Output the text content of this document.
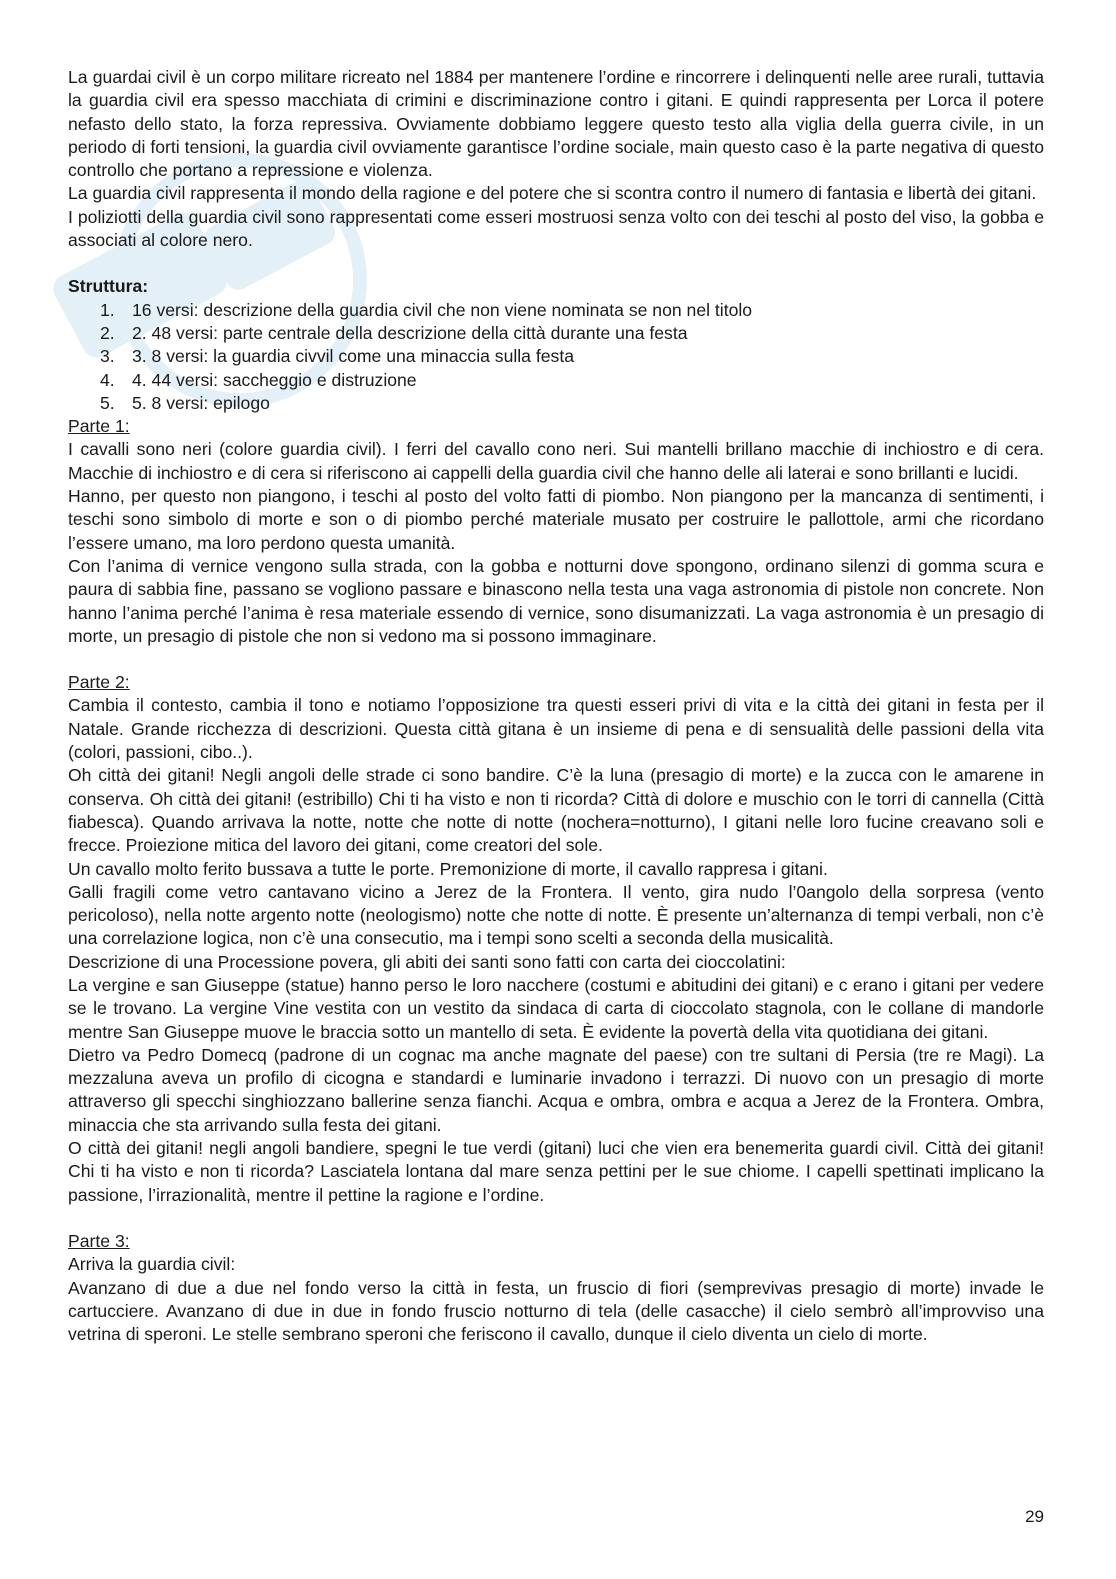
La guardai civil è un corpo militare ricreato nel 1884 per mantenere l’ordine e rincorrere i delinquenti nelle aree rurali, tuttavia la guardia civil era spesso macchiata di crimini e discriminazione contro i gitani. E quindi rappresenta per Lorca il potere nefasto dello stato, la forza repressiva. Ovviamente dobbiamo leggere questo testo alla viglia della guerra civile, in un periodo di forti tensioni, la guardia civil ovviamente garantisce l’ordine sociale, main questo caso è la parte negativa di questo controllo che portano a repressione e violenza.

La guardia civil rappresenta il mondo della ragione e del potere che si scontra contro il numero di fantasia e libertà dei gitani.

I poliziotti della guardia civil sono rappresentati come esseri mostruosi senza volto con dei teschi al posto del viso, la gobba e associati al colore nero.

Struttura:

1. 16 versi: descrizione della guardia civil che non viene nominata se non nel titolo
2. 2. 48 versi: parte centrale della descrizione della città durante una festa
3. 3. 8 versi: la guardia civvil come una minaccia sulla festa
4. 4. 44 versi: saccheggio e distruzione
5. 5. 8 versi: epilogo

Parte 1:

I cavalli sono neri (colore guardia civil). I ferri del cavallo cono neri. Sui mantelli brillano macchie di inchiostro e di cera. Macchie di inchiostro e di cera si riferiscono ai cappelli della guardia civil che hanno delle ali laterai e sono brillanti e lucidi.

Hanno, per questo non piangono, i teschi al posto del volto fatti di piombo. Non piangono per la mancanza di sentimenti, i teschi sono simbolo di morte e son o di piombo perché materiale musato per costruire le pallottole, armi che ricordano l’essere umano, ma loro perdono questa umanità.

Con l’anima di vernice vengono sulla strada, con la gobba e notturni dove spongono, ordinano silenzi di gomma scura e paura di sabbia fine, passano se vogliono passare e binascono nella testa una vaga astronomia di pistole non concrete. Non hanno l’anima perché l’anima è resa materiale essendo di vernice, sono disumanizzati. La vaga astronomia è un presagio di morte, un presagio di pistole che non si vedono ma si possono immaginare.

Parte 2:

Cambia il contesto, cambia il tono e notiamo l’opposizione tra questi esseri privi di vita e la città dei gitani in festa per il Natale. Grande ricchezza di descrizioni. Questa città gitana è un insieme di pena e di sensualità delle passioni della vita (colori, passioni, cibo..).

Oh città dei gitani! Negli angoli delle strade ci sono bandire. C’è la luna (presagio di morte) e la zucca con le amarene in conserva. Oh città dei gitani! (estribillo) Chi ti ha visto e non ti ricorda? Città di dolore e muschio con le torri di cannella (Città fiabesca). Quando arrivava la notte, notte che notte di notte (nochera=notturno), I gitani nelle loro fucine creavano soli e frecce. Proiezione mitica del lavoro dei gitani, come creatori del sole.

Un cavallo molto ferito bussava a tutte le porte. Premonizione di morte, il cavallo rappresa i gitani.

Galli fragili come vetro cantavano vicino a Jerez de la Frontera. Il vento, gira nudo l’0angolo della sorpresa (vento pericoloso), nella notte argento notte (neologismo) notte che notte di notte. È presente un’alternanza di tempi verbali, non c’è una correlazione logica, non c’è una consecutio, ma i tempi sono scelti a seconda della musicalità.

Descrizione di una Processione povera, gli abiti dei santi sono fatti con carta dei cioccolatini:

La vergine e san Giuseppe (statue) hanno perso le loro nacchere (costumi e abitudini dei gitani) e c erano i gitani per vedere se le trovano. La vergine Vine vestita con un vestito da sindaca di carta di cioccolato stagnola, con le collane di mandorle mentre San Giuseppe muove le braccia sotto un mantello di seta. È evidente la povertà della vita quotidiana dei gitani.

Dietro va Pedro Domecq (padrone di un cognac ma anche magnate del paese) con tre sultani di Persia (tre re Magi). La mezzaluna aveva un profilo di cicogna e standardi e luminarie invadono i terrazzi. Di nuovo con un presagio di morte attraverso gli specchi singhiozzano ballerine senza fianchi. Acqua e ombra, ombra e acqua a Jerez de la Frontera. Ombra, minaccia che sta arrivando sulla festa dei gitani.

O città dei gitani! negli angoli bandiere, spegni le tue verdi (gitani) luci che vien era benemerita guardi civil. Città dei gitani! Chi ti ha visto e non ti ricorda? Lasciatela lontana dal mare senza pettini per le sue chiome. I capelli spettinati implicano la passione, l’irrazionalità, mentre il pettine la ragione e l’ordine.

Parte 3:

Arriva la guardia civil:

Avanzano di due a due nel fondo verso la città in festa, un fruscio di fiori (semprevivas presagio di morte) invade le cartucciere. Avanzano di due in due in fondo fruscio notturno di tela (delle casacche) il cielo sembrò all’improvviso una vetrina di speroni. Le stelle sembrano speroni che feriscono il cavallo, dunque il cielo diventa un cielo di morte.

29
